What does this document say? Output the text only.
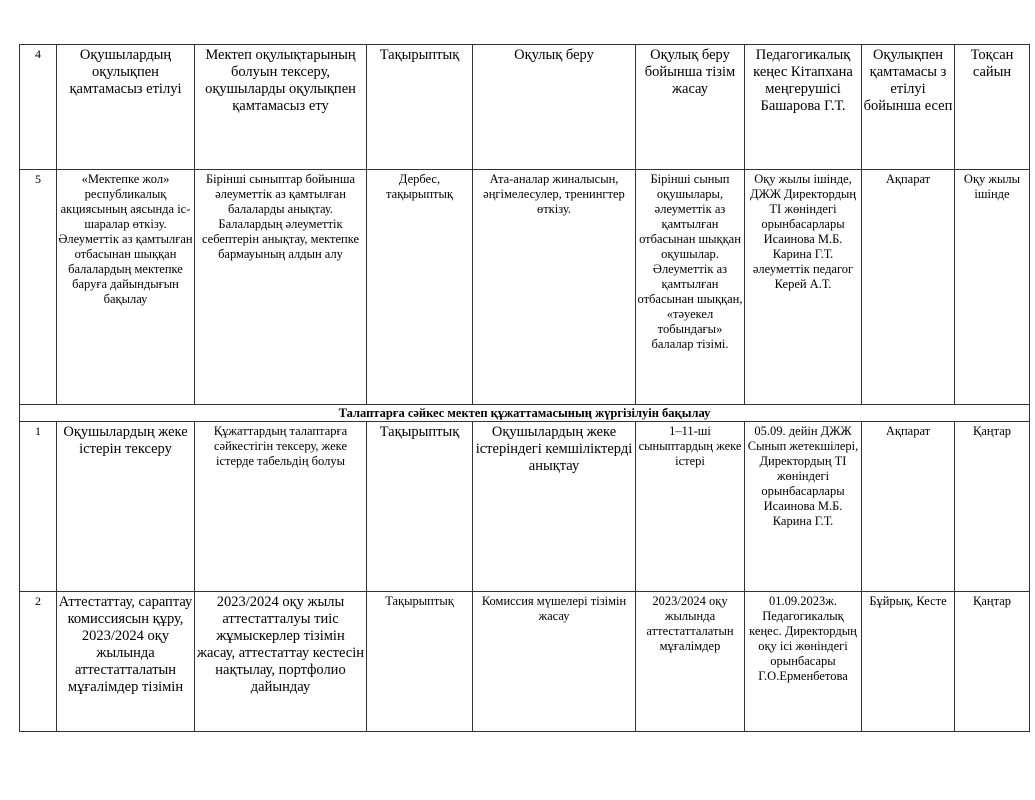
4	Оқушылардың оқулықпен қамтамасыз етілуі	Мектеп оқулықтарының болуын тексеру, оқушыларды оқулықпен қамтамасыз ету	Тақырыптық	Оқулық беру	Оқулық беру бойынша тізім жасау	Педагогикалық кеңес Кітапхана меңгерушісі Башарова Г.Т.	Оқулықпен қамтамасы з етілуі бойынша есеп	Тоқсан сайын
5	«Мектепке жол» республикалық акциясының аясында іс-шаралар өткізу. Әлеуметтік аз қамтылған отбасынан шыққан балалардың мектепке баруға дайындығын бақылау	Бірінші сыныптар бойынша әлеуметтік аз қамтылған балаларды анықтау. Балалардың әлеуметтік себептерін анықтау, мектепке бармауының алдын алу	Дербес, тақырыптық	Ата-аналар жиналысын, әңгімелесулер, тренингтер өткізу.	Бірінші сынып оқушылары, әлеуметтік аз қамтылған отбасынан шыққан оқушылар. Әлеуметтік аз қамтылған отбасынан шыққан, «тәуекел тобындағы» балалар тізімі.	Оқу жылы ішінде, ДЖЖ Директордың ТІ жөніндегі орынбасарлары Исаинова М.Б. Карина Г.Т. әлеуметтік педагог Керей А.Т.	Ақпарат	Оқу жылы ішінде
Талаптарға сәйкес мектеп құжаттамасының жүргізілуін бақылау								
1	Оқушылардың жеке істерін тексеру	Құжаттардың талаптарға сәйкестігін тексеру, жеке істерде табельдің болуы	Тақырыптық	Оқушылардың жеке істеріндегі кемшіліктерді анықтау	1–11-ші сыныптардың жеке істері	05.09. дейін ДЖЖ Сынып жетекшілері, Директордың ТІ жөніндегі орынбасарлары Исаинова М.Б. Карина Г.Т.	Ақпарат	Қаңтар
2	Аттестаттау, сараптау комиссиясын құру, 2023/2024 оқу жылында аттестатталатын мұғалімдер тізімін	2023/2024 оқу жылы аттестатталуы тиіс жұмыскерлер тізімін жасау, аттестаттау кестесін нақтылау, портфолио дайындау	Тақырыптық	Комиссия мүшелері тізімін жасау	2023/2024 оқу жылында аттестатталатын мұғалімдер	01.09.2023ж. Педагогикалық кеңес. Директордың оқу ісі жөніндегі орынбасары Г.О.Ерменбетова	Бұйрық, Кесте	Қаңтар
